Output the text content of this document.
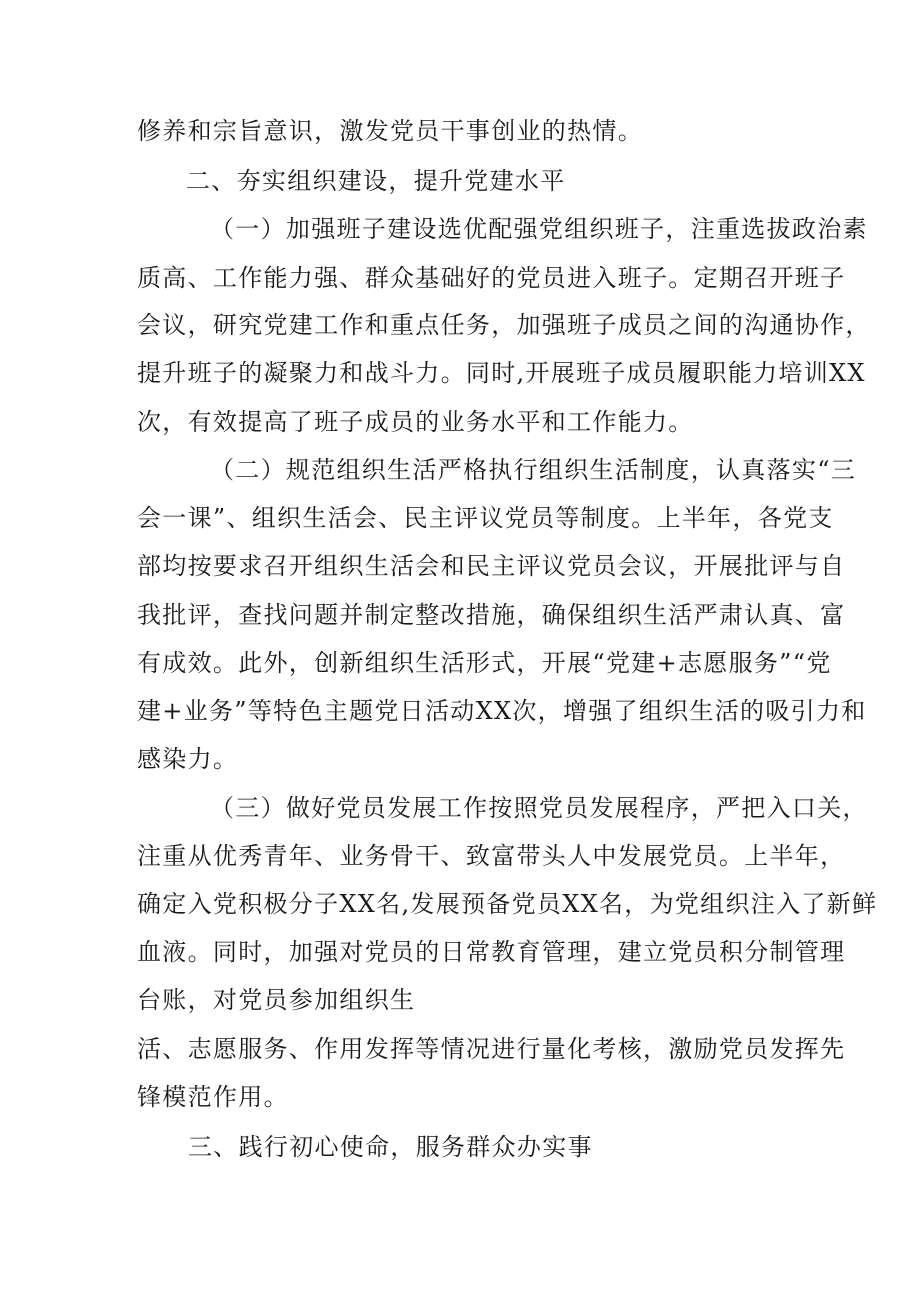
修养和宗旨意识，激发党员干事创业的热情。
二、夯实组织建设，提升党建水平
（一）加强班子建设选优配强党组织班子，注重选拔政治素
质高、工作能力强、群众基础好的党员进入班子。定期召开班子
会议，研究党建工作和重点任务，加强班子成员之间的沟通协作，
提升班子的凝聚力和战斗力。同时,开展班子成员履职能力培训XX
次，有效提高了班子成员的业务水平和工作能力。
（二）规范组织生活严格执行组织生活制度，认真落实“三
会一课”、组织生活会、民主评议党员等制度。上半年，各党支
部均按要求召开组织生活会和民主评议党员会议，开展批评与自
我批评，查找问题并制定整改措施，确保组织生活严肃认真、富
有成效。此外，创新组织生活形式，开展“党建+志愿服务”“党
建+业务”等特色主题党日活动XX次，增强了组织生活的吸引力和
感染力。
（三）做好党员发展工作按照党员发展程序，严把入口关，
注重从优秀青年、业务骨干、致富带头人中发展党员。上半年，
确定入党积极分子XX名,发展预备党员XX名，为党组织注入了新鲜
血液。同时，加强对党员的日常教育管理，建立党员积分制管理
台账，对党员参加组织生
活、志愿服务、作用发挥等情况进行量化考核，激励党员发挥先
锋模范作用。
三、践行初心使命，服务群众办实事
